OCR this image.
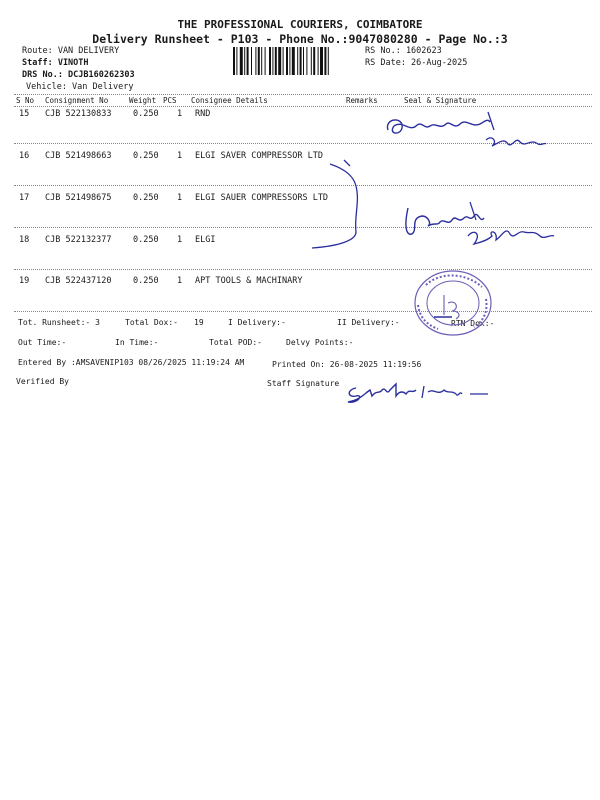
THE PROFESSIONAL COURIERS, COIMBATORE
Delivery Runsheet - P103 - Phone No.:9047080280 - Page No.:3
Route: VAN DELIVERY
Staff: VINOTH
DRS No.: DCJB160262303
Vehicle: Van Delivery
RS No.: 1602623
RS Date: 26-Aug-2025
S No Consignment No	Weight PCS Consignee Details	Remarks	Seal & Signature
15 CJB 522130833	0.250 1 RND
16 CJB 521498663	0.250 1 ELGI SAVER COMPRESSOR LTD
17 CJB 521498675	0.250 1 ELGI SAUER COMPRESSORS LTD
18 CJB 522132377	0.250 1 ELGI
19 CJB 522437120	0.250 1 APT TOOLS & MACHINARY
Tot. Runsheet:- 3	Total Dox:- 19	I Delivery:-	II Delivery:-	RTN Dox:-
Out Time:-	In Time:-	Total POD:-	Delvy Points:-
Entered By :AMSAVENIP103 08/26/2025 11:19:24 AM	Printed On: 26-08-2025 11:19:56
Verified By	Staff Signature
